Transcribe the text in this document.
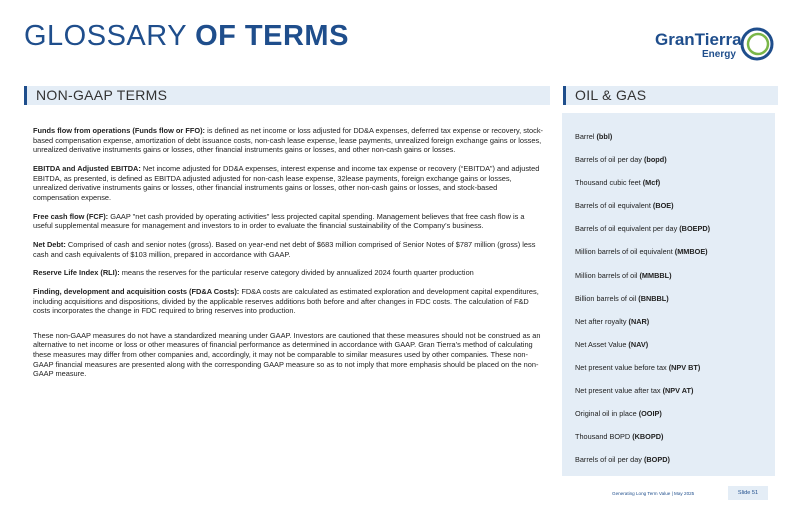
GLOSSARY OF TERMS	GranTierra
Energy
NON-GAAP TERMS	OIL & GAS

Funds flow from operations (Funds flow or FFO): is defined as net income or loss adjusted for DD&A expenses, deferred tax expense or recovery, stock-based compensation expense, amortization of debt issuance costs, non-cash lease expense, lease payments, unrealized foreign exchange gains or losses, unrealized derivative instruments gains or losses, other financial instruments gains or losses, and other non-cash gains or losses.

EBITDA and Adjusted EBITDA: Net income adjusted for DD&A expenses, interest expense and income tax expense or recovery (“EBITDA”) and adjusted EBITDA, as presented, is defined as EBITDA adjusted adjusted for non-cash lease expense, 32lease payments, foreign exchange gains or losses, unrealized derivative instruments gains or losses, other financial instruments gains or losses, other non-cash gains or losses, and stock-based compensation expense.

Free cash flow (FCF): GAAP "net cash provided by operating activities" less projected capital spending. Management believes that free cash flow is a useful supplemental measure for management and investors to in order to evaluate the financial sustainability of the Company’s business.

Net Debt: Comprised of cash and senior notes (gross). Based on year-end net debt of $683 million comprised of Senior Notes of $787 million (gross) less cash and cash equivalents of $103 million, prepared in accordance with GAAP.

Reserve Life Index (RLI): means the reserves for the particular reserve category divided by annualized 2024 fourth quarter production

Finding, development and acquisition costs (FD&A Costs): FD&A costs are calculated as estimated exploration and development capital expenditures, including acquisitions and dispositions, divided by the applicable reserves additions both before and after changes in FDC costs. The calculation of F&D costs incorporates the change in FDC required to bring reserves into production.

These non-GAAP measures do not have a standardized meaning under GAAP. Investors are cautioned that these measures should not be construed as an alternative to net income or loss or other measures of financial performance as determined in accordance with GAAP. Gran Tierra’s method of calculating these measures may differ from other companies and, accordingly, it may not be comparable to similar measures used by other companies. These non-GAAP financial measures are presented along with the corresponding GAAP measure so as to not imply that more emphasis should be placed on the non-GAAP measure.

Barrel (bbl)
Barrels of oil per day (bopd)
Thousand cubic feet (Mcf)
Barrels of oil equivalent (BOE)
Barrels of oil equivalent per day (BOEPD)
Million barrels of oil equivalent (MMBOE)
Million barrels of oil (MMBBL)
Billion barrels of oil (BNBBL)
Net after royalty (NAR)
Net Asset Value (NAV)
Net present value before tax (NPV BT)
Net present value after tax (NPV AT)
Original oil in place (OOIP)
Thousand BOPD (KBOPD)
Barrels of oil per day (BOPD)
Generating Long Term Value | May 2025	Slide 51
